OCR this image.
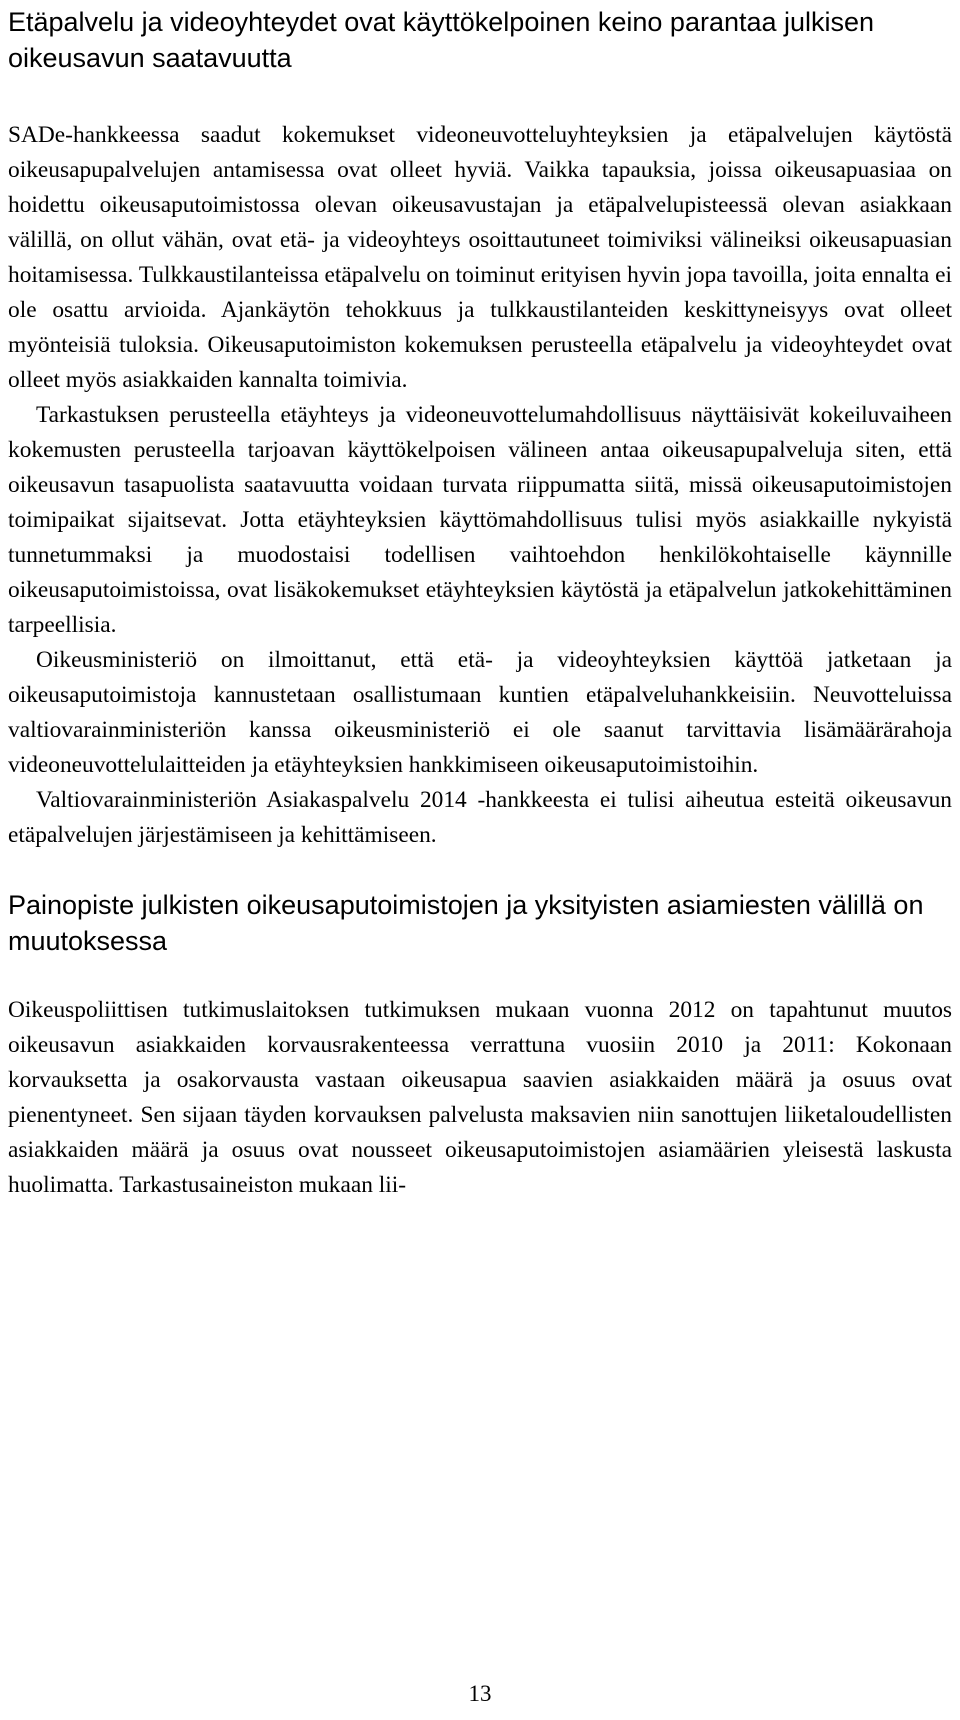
Etäpalvelu ja videoyhteydet ovat käyttökelpoinen keino parantaa julkisen oikeusavun saatavuutta

SADe-hankkeessa saadut kokemukset videoneuvotteluyhteyksien ja etäpalvelujen käytöstä oikeusapupalvelujen antamisessa ovat olleet hyviä. Vaikka tapauksia, joissa oikeusapuasiaa on hoidettu oikeusaputoimistossa olevan oikeusavustajan ja etäpalvelupisteessä olevan asiakkaan välillä, on ollut vähän, ovat etä- ja videoyhteys osoittautuneet toimiviksi välineiksi oikeusapuasian hoitamisessa. Tulkkaustilanteissa etäpalvelu on toiminut erityisen hyvin jopa tavoilla, joita ennalta ei ole osattu arvioida. Ajankäytön tehokkuus ja tulkkaustilanteiden keskittyneisyys ovat olleet myönteisiä tuloksia. Oikeusaputoimiston kokemuksen perusteella etäpalvelu ja videoyhteydet ovat olleet myös asiakkaiden kannalta toimivia.

Tarkastuksen perusteella etäyhteys ja videoneuvottelumahdollisuus näyttäisivät kokeiluvaiheen kokemusten perusteella tarjoavan käyttökelpoisen välineen antaa oikeusapupalveluja siten, että oikeusavun tasapuolista saatavuutta voidaan turvata riippumatta siitä, missä oikeusaputoimistojen toimipaikat sijaitsevat. Jotta etäyhteyksien käyttömahdollisuus tulisi myös asiakkaille nykyistä tunnetummaksi ja muodostaisi todellisen vaihtoehdon henkilökohtaiselle käynnille oikeusaputoimistoissa, ovat lisäkokemukset etäyhteyksien käytöstä ja etäpalvelun jatkokehittäminen tarpeellisia.

Oikeusministeriö on ilmoittanut, että etä- ja videoyhteyksien käyttöä jatketaan ja oikeusaputoimistoja kannustetaan osallistumaan kuntien etäpalveluhankkeisiin. Neuvotteluissa valtiovarainministeriön kanssa oikeusministeriö ei ole saanut tarvittavia lisämäärärahoja videoneuvottelulaitteiden ja etäyhteyksien hankkimiseen oikeusaputoimistoihin.

Valtiovarainministeriön Asiakaspalvelu 2014 -hankkeesta ei tulisi aiheutua esteitä oikeusavun etäpalvelujen järjestämiseen ja kehittämiseen.

Painopiste julkisten oikeusaputoimistojen ja yksityisten asiamiesten välillä on muutoksessa

Oikeuspoliittisen tutkimuslaitoksen tutkimuksen mukaan vuonna 2012 on tapahtunut muutos oikeusavun asiakkaiden korvausrakenteessa verrattuna vuosiin 2010 ja 2011: Kokonaan korvauksetta ja osakorvausta vastaan oikeusapua saavien asiakkaiden määrä ja osuus ovat pienentyneet. Sen sijaan täyden korvauksen palvelusta maksavien niin sanottujen liiketaloudellisten asiakkaiden määrä ja osuus ovat nousseet oikeusaputoimistojen asiamäärien yleisestä laskusta huolimatta. Tarkastusaineiston mukaan lii-

13
